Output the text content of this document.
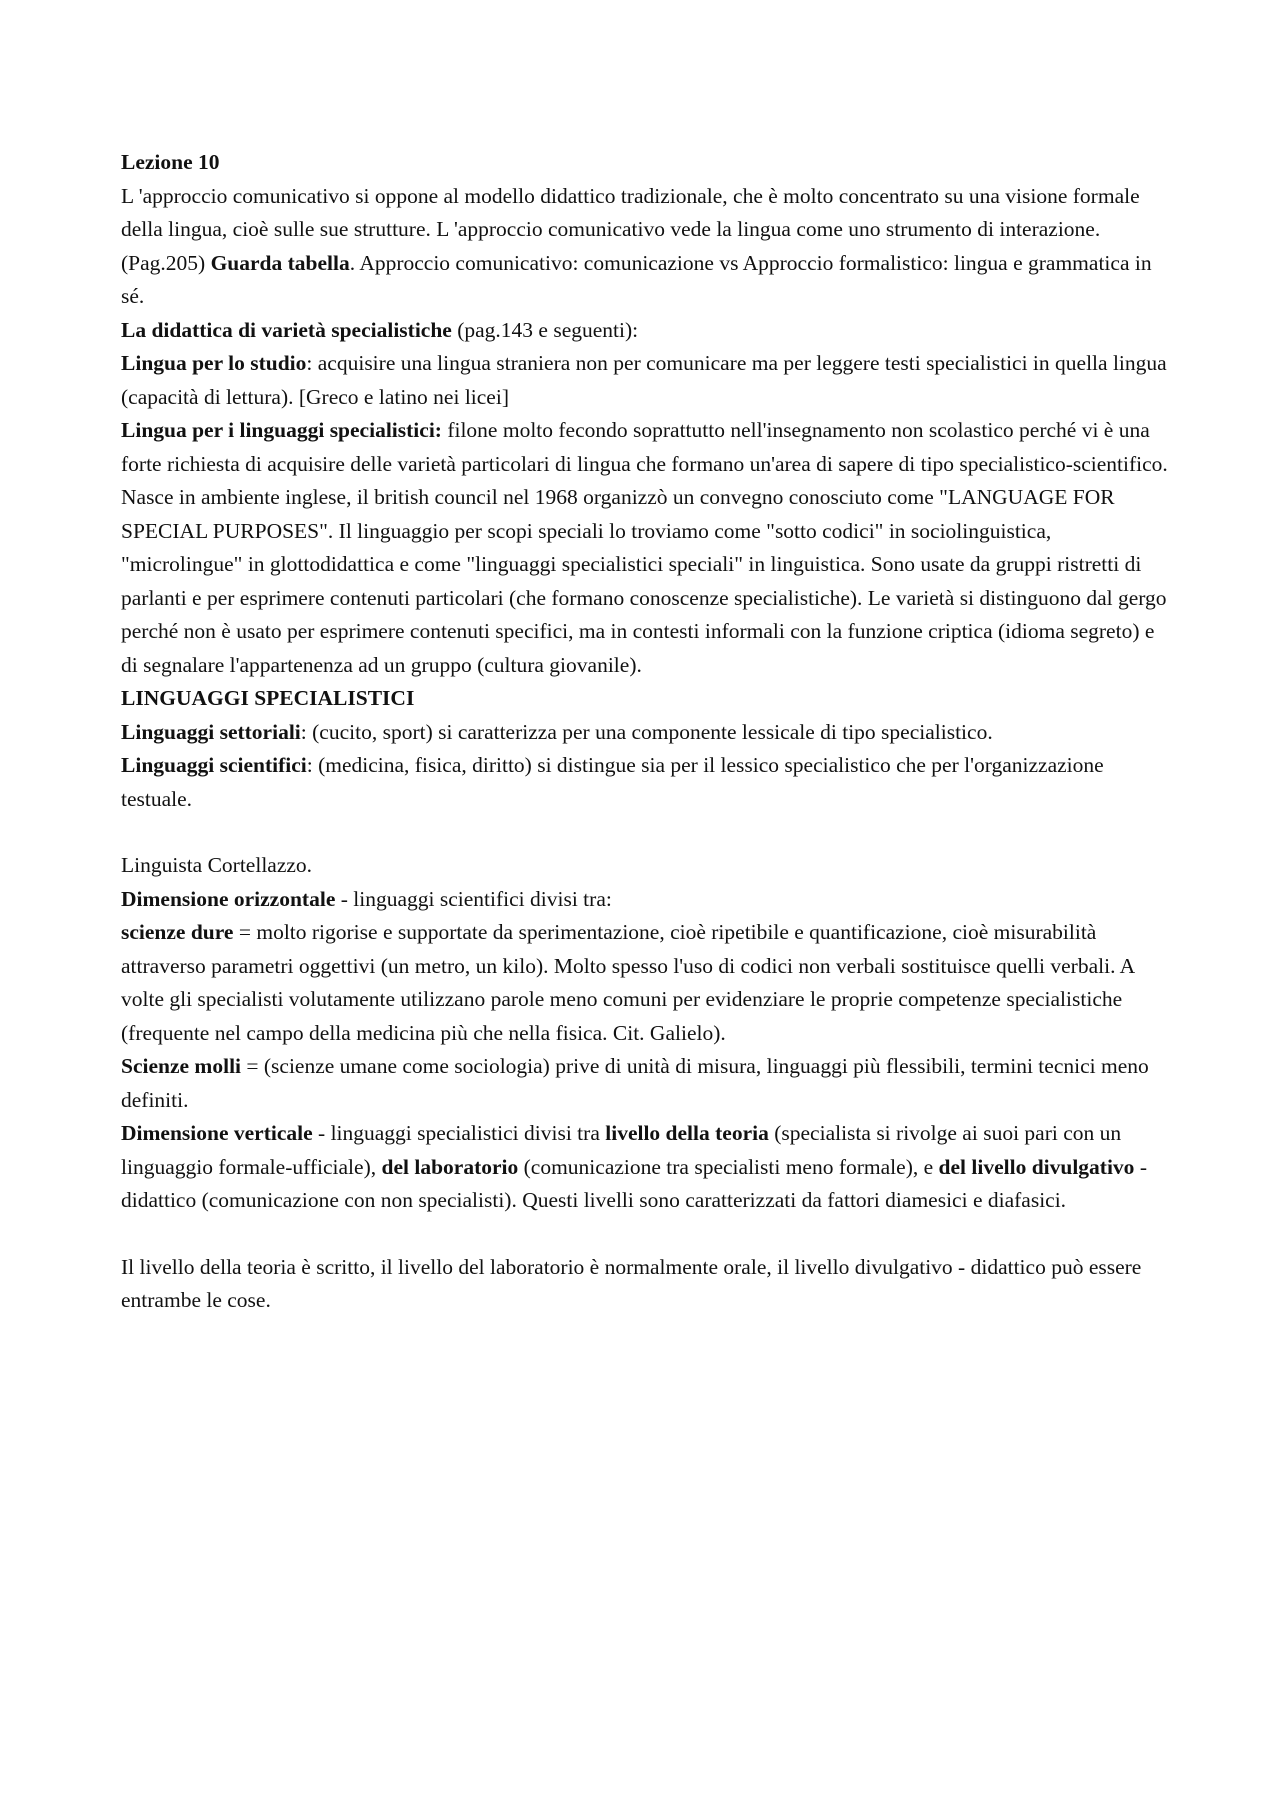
Lezione 10

L 'approccio comunicativo si oppone al modello didattico tradizionale, che è molto concentrato su una visione formale della lingua, cioè sulle sue strutture. L 'approccio comunicativo vede la lingua come uno strumento di interazione. (Pag.205) Guarda tabella. Approccio comunicativo: comunicazione vs Approccio formalistico: lingua e grammatica in sé.

La didattica di varietà specialistiche (pag.143 e seguenti):

Lingua per lo studio: acquisire una lingua straniera non per comunicare ma per leggere testi specialistici in quella lingua (capacità di lettura). [Greco e latino nei licei]

Lingua per i linguaggi specialistici: filone molto fecondo soprattutto nell'insegnamento non scolastico perché vi è una forte richiesta di acquisire delle varietà particolari di lingua che formano un'area di sapere di tipo specialistico-scientifico.

Nasce in ambiente inglese, il british council nel 1968 organizzò un convegno conosciuto come "LANGUAGE FOR SPECIAL PURPOSES". Il linguaggio per scopi speciali lo troviamo come "sotto codici" in sociolinguistica, "microlingue" in glottodidattica e come "linguaggi specialistici speciali" in linguistica. Sono usate da gruppi ristretti di parlanti e per esprimere contenuti particolari (che formano conoscenze specialistiche). Le varietà si distinguono dal gergo perché non è usato per esprimere contenuti specifici, ma in contesti informali con la funzione criptica (idioma segreto) e di segnalare l'appartenenza ad un gruppo (cultura giovanile).

LINGUAGGI SPECIALISTICI

Linguaggi settoriali: (cucito, sport) si caratterizza per una componente lessicale di tipo specialistico.

Linguaggi scientifici: (medicina, fisica, diritto) si distingue sia per il lessico specialistico che per l'organizzazione testuale.

Linguista Cortellazzo.

Dimensione orizzontale - linguaggi scientifici divisi tra:

scienze dure = molto rigorise e supportate da sperimentazione, cioè ripetibile e quantificazione, cioè misurabilità attraverso parametri oggettivi (un metro, un kilo). Molto spesso l'uso di codici non verbali sostituisce quelli verbali. A volte gli specialisti volutamente utilizzano parole meno comuni per evidenziare le proprie competenze specialistiche (frequente nel campo della medicina più che nella fisica. Cit. Galielo).

Scienze molli = (scienze umane come sociologia) prive di unità di misura, linguaggi più flessibili, termini tecnici meno definiti.

Dimensione verticale - linguaggi specialistici divisi tra livello della teoria (specialista si rivolge ai suoi pari con un linguaggio formale-ufficiale), del laboratorio (comunicazione tra specialisti meno formale), e del livello divulgativo - didattico (comunicazione con non specialisti). Questi livelli sono caratterizzati da fattori diamesici e diafasici.

Il livello della teoria è scritto, il livello del laboratorio è normalmente orale, il livello divulgativo - didattico può essere entrambe le cose.
